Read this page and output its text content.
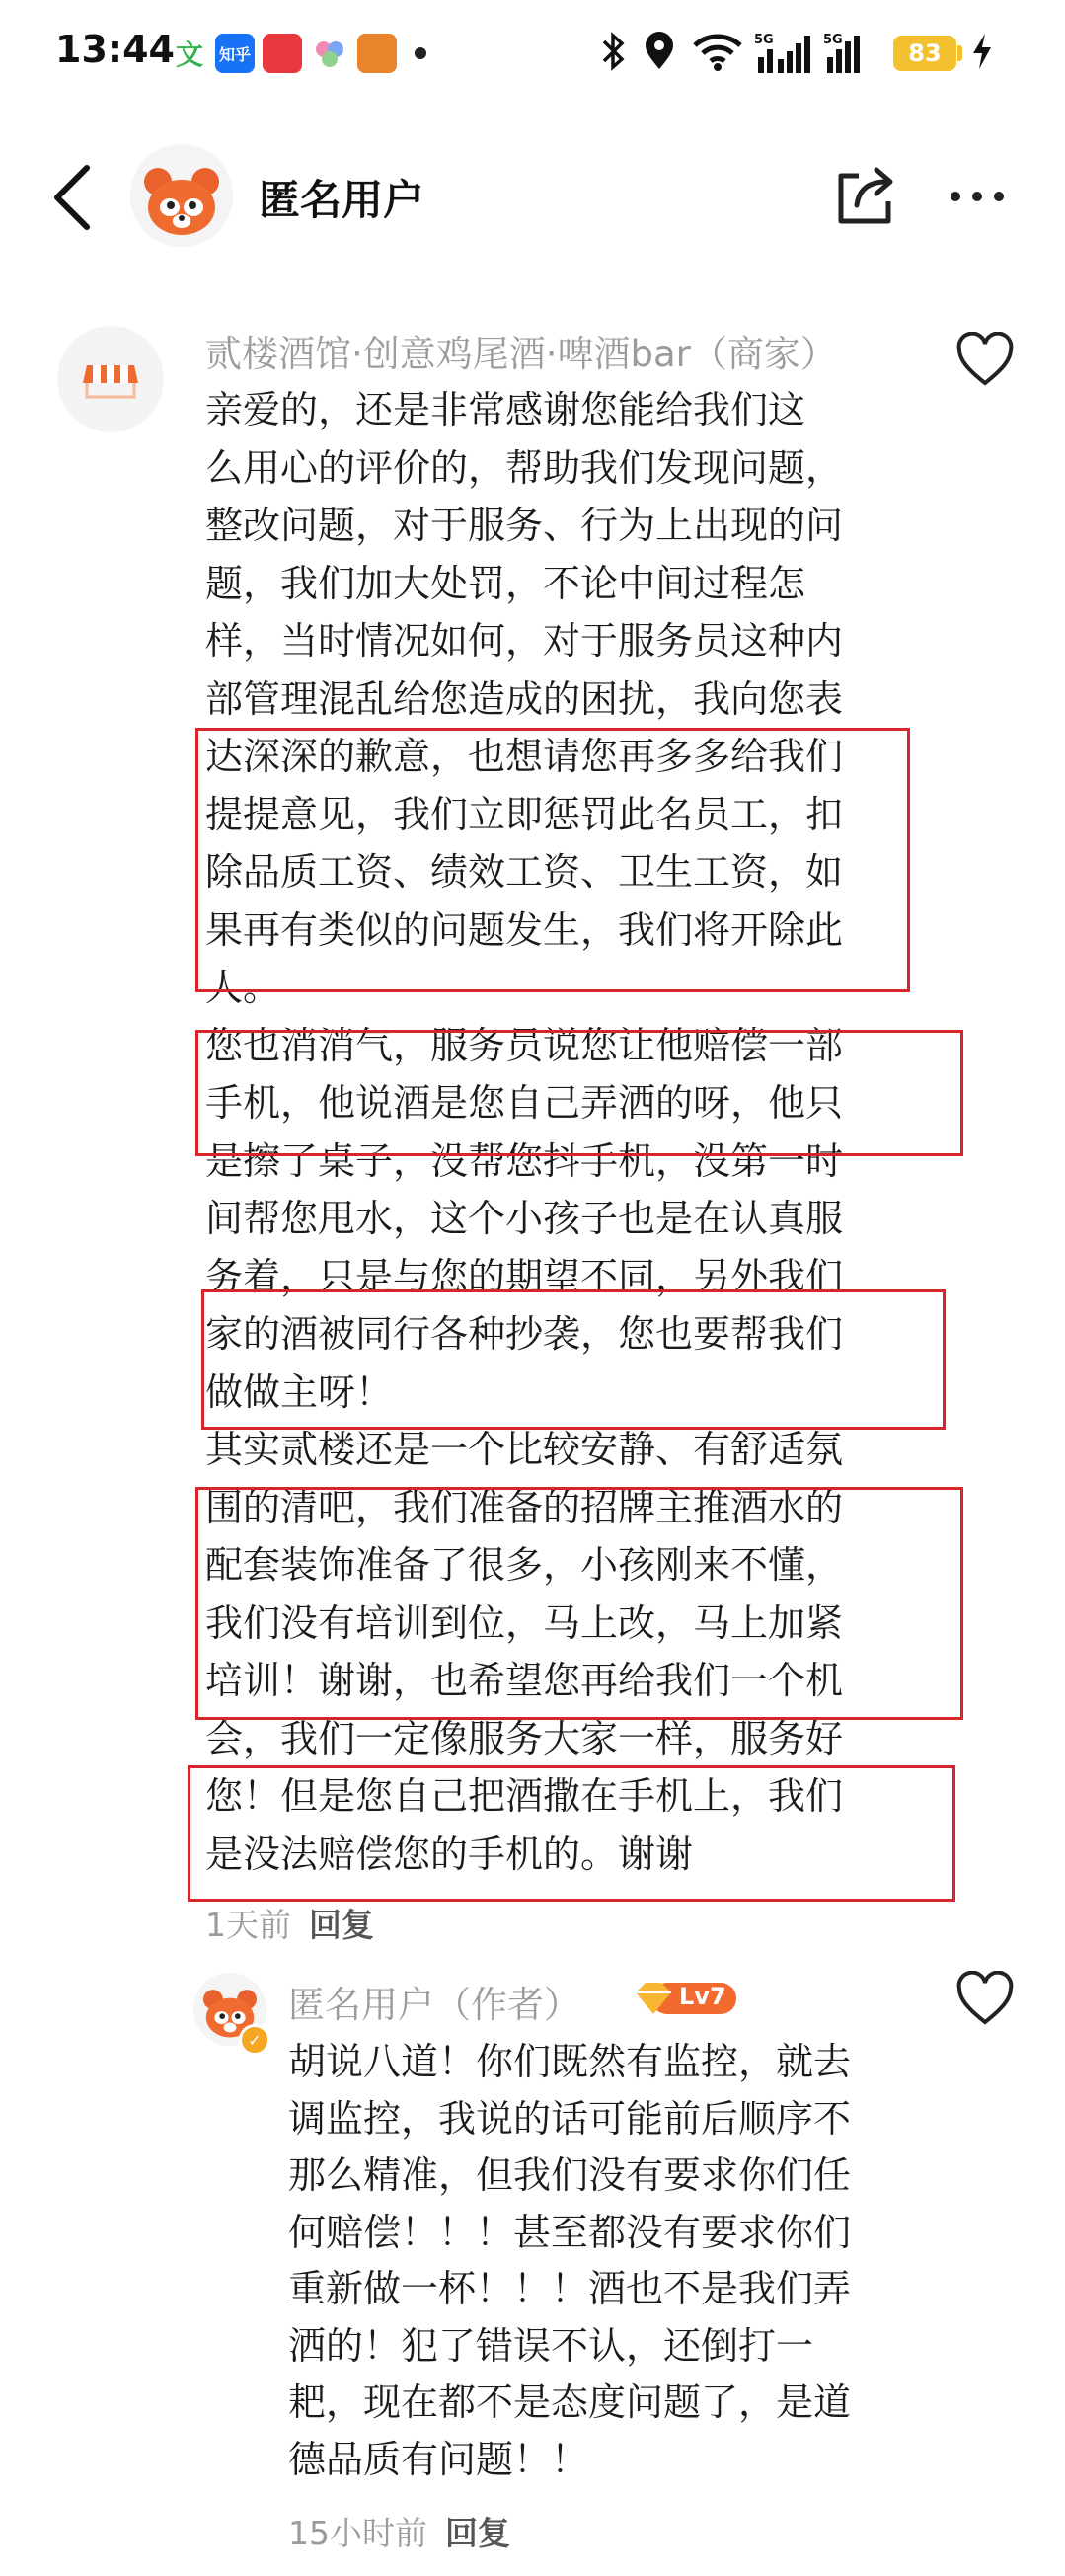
13:44 文 知乎
5G	5G	83
匿名用户
贰楼酒馆·创意鸡尾酒·啤酒bar（商家）

亲爱的，还是非常感谢您能给我们这

么用心的评价的，帮助我们发现问题，

整改问题，对于服务、行为上出现的问

题，我们加大处罚，不论中间过程怎

样，当时情况如何，对于服务员这种内

部管理混乱给您造成的困扰，我向您表

达深深的歉意，也想请您再多多给我们

提提意见，我们立即惩罚此名员工，扣

除品质工资、绩效工资、卫生工资，如

果再有类似的问题发生，我们将开除此

人。

您也消消气，服务员说您让他赔偿一部

手机，他说酒是您自己弄洒的呀，他只

是擦了桌子，没帮您抖手机，没第一时

间帮您甩水，这个小孩子也是在认真服

务着，只是与您的期望不同，另外我们

家的酒被同行各种抄袭，您也要帮我们

做做主呀！

其实贰楼还是一个比较安静、有舒适氛

围的清吧，我们准备的招牌主推酒水的

配套装饰准备了很多，小孩刚来不懂，

我们没有培训到位，马上改，马上加紧

培训！谢谢，也希望您再给我们一个机

会，我们一定像服务大家一样，服务好

您！但是您自己把酒撒在手机上，我们

是没法赔偿您的手机的。谢谢

1天前 回复
✓
匿名用户（作者）	Lv7
胡说八道！你们既然有监控，就去
调监控，我说的话可能前后顺序不
那么精准，但我们没有要求你们任
何赔偿！！！甚至都没有要求你们
重新做一杯！！！酒也不是我们弄
洒的！犯了错误不认，还倒打一
耙，现在都不是态度问题了，是道
德品质有问题！！
15小时前 回复
